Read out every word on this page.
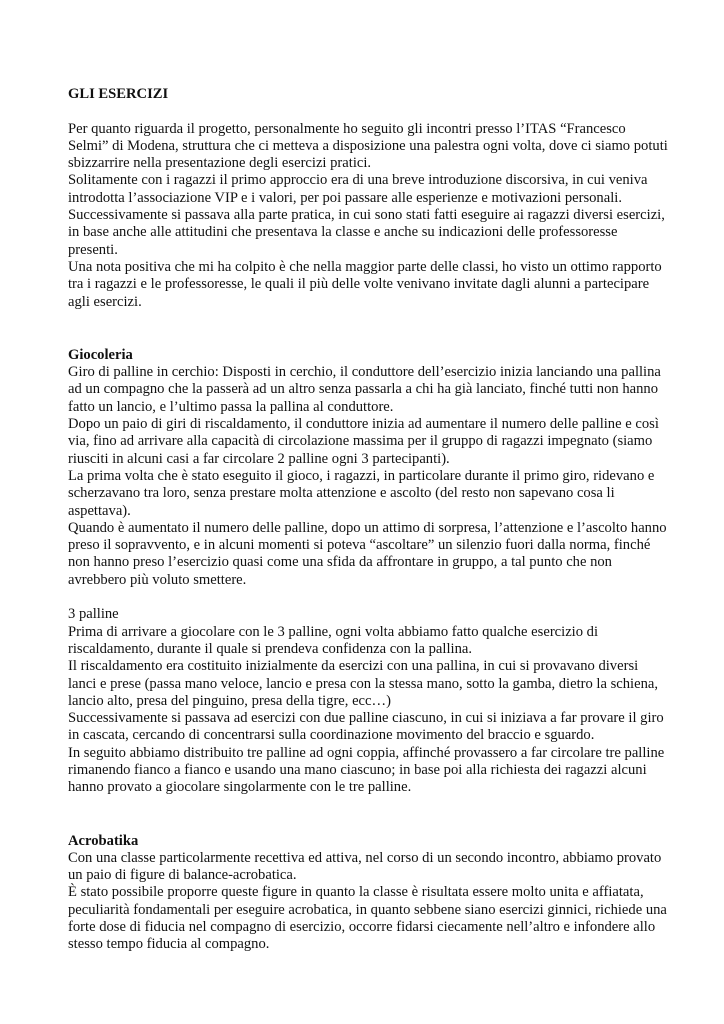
GLI ESERCIZI
Per quanto riguarda il progetto, personalmente ho seguito gli incontri presso l’ITAS “Francesco Selmi” di Modena, struttura che ci metteva a disposizione una palestra ogni volta, dove ci siamo potuti sbizzarrire nella presentazione degli esercizi pratici.
Solitamente con i ragazzi il primo approccio era di una breve introduzione discorsiva, in cui veniva introdotta l’associazione VIP e i valori, per poi passare alle esperienze e motivazioni personali.
Successivamente si passava alla parte pratica, in cui sono stati fatti eseguire ai ragazzi diversi esercizi, in base anche alle attitudini che presentava la classe e anche su indicazioni delle professoresse presenti.
Una nota positiva che mi ha colpito è che nella maggior parte delle classi, ho visto un ottimo rapporto tra i ragazzi e le professoresse, le quali il più delle volte venivano invitate dagli alunni a partecipare agli esercizi.
Giocoleria
Giro di palline in cerchio: Disposti in cerchio, il conduttore dell’esercizio inizia lanciando una pallina ad un compagno che la passerà ad un altro senza passarla a chi ha già lanciato, finché tutti non hanno fatto un lancio, e l’ultimo passa la pallina al conduttore.
Dopo un paio di giri di riscaldamento, il conduttore inizia ad aumentare il numero delle palline e così via, fino ad arrivare alla capacità di circolazione massima per il gruppo di ragazzi impegnato (siamo riusciti in alcuni casi a far circolare 2 palline ogni 3 partecipanti).
La prima volta che è stato eseguito il gioco, i ragazzi, in particolare durante il primo giro, ridevano e scherzavano tra loro, senza prestare molta attenzione e ascolto (del resto non sapevano cosa li aspettava).
Quando è aumentato il numero delle palline, dopo un attimo di sorpresa, l’attenzione e l’ascolto hanno preso il sopravvento, e in alcuni momenti si poteva “ascoltare” un silenzio fuori dalla norma, finché non hanno preso l’esercizio quasi come una sfida da affrontare in gruppo, a tal punto che non avrebbero più voluto smettere.
3 palline
Prima di arrivare a giocolare con le 3 palline, ogni volta abbiamo fatto qualche esercizio di riscaldamento, durante il quale si prendeva confidenza con la pallina.
Il riscaldamento era costituito inizialmente da esercizi con una pallina, in cui si provavano diversi lanci e prese (passa mano veloce, lancio e presa con la stessa mano, sotto la gamba, dietro la schiena, lancio alto, presa del pinguino, presa della tigre, ecc…)
Successivamente si passava ad esercizi con due palline ciascuno, in cui si iniziava a far provare il giro in cascata, cercando di concentrarsi sulla coordinazione movimento del braccio e sguardo.
In seguito abbiamo distribuito tre palline ad ogni coppia, affinché provassero a far circolare tre palline rimanendo fianco a fianco e usando una mano ciascuno; in base poi alla richiesta dei ragazzi alcuni hanno provato a giocolare singolarmente con le tre palline.
Acrobatika
Con una classe particolarmente recettiva ed attiva, nel corso di un secondo incontro, abbiamo provato un paio di figure di balance-acrobatica.
È stato possibile proporre queste figure in quanto la classe è risultata essere molto unita e affiatata, peculiarità fondamentali per eseguire acrobatica, in quanto sebbene siano esercizi ginnici, richiede una forte dose di fiducia nel compagno di esercizio, occorre fidarsi ciecamente nell’altro e infondere allo stesso tempo fiducia al compagno.
